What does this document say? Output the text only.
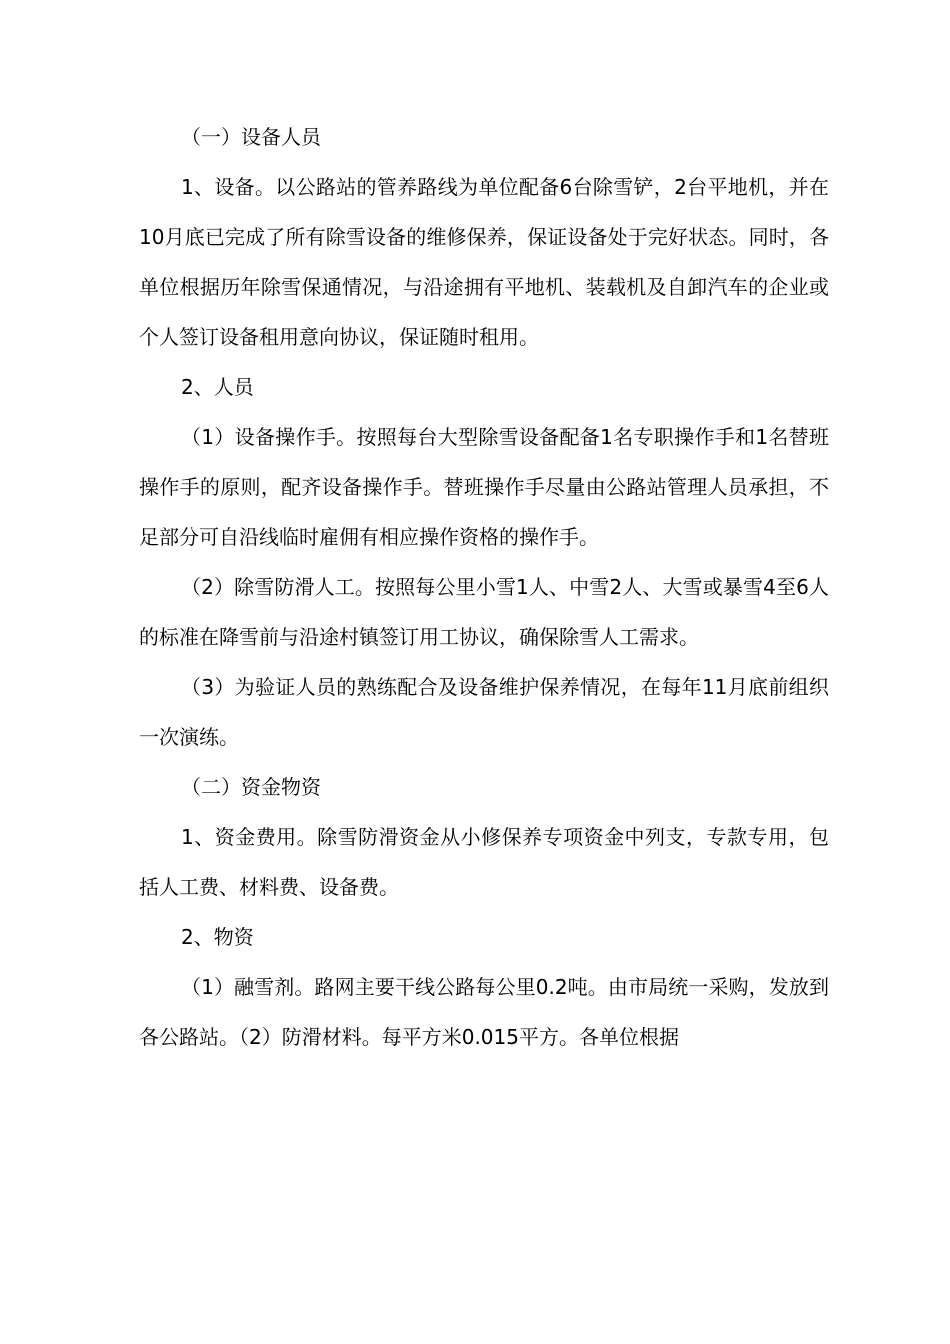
（一）设备人员

1、设备。以公路站的管养路线为单位配备6台除雪铲，2台平地机，并在10月底已完成了所有除雪设备的维修保养，保证设备处于完好状态。同时，各单位根据历年除雪保通情况，与沿途拥有平地机、装载机及自卸汽车的企业或个人签订设备租用意向协议，保证随时租用。

2、人员

（1）设备操作手。按照每台大型除雪设备配备1名专职操作手和1名替班操作手的原则，配齐设备操作手。替班操作手尽量由公路站管理人员承担，不足部分可自沿线临时雇佣有相应操作资格的操作手。

（2）除雪防滑人工。按照每公里小雪1人、中雪2人、大雪或暴雪4至6人的标准在降雪前与沿途村镇签订用工协议，确保除雪人工需求。

（3）为验证人员的熟练配合及设备维护保养情况，在每年11月底前组织一次演练。

（二）资金物资

1、资金费用。除雪防滑资金从小修保养专项资金中列支，专款专用，包括人工费、材料费、设备费。

2、物资

（1）融雪剂。路网主要干线公路每公里0.2吨。由市局统一采购，发放到各公路站。（2）防滑材料。每平方米0.015平方。各单位根据
